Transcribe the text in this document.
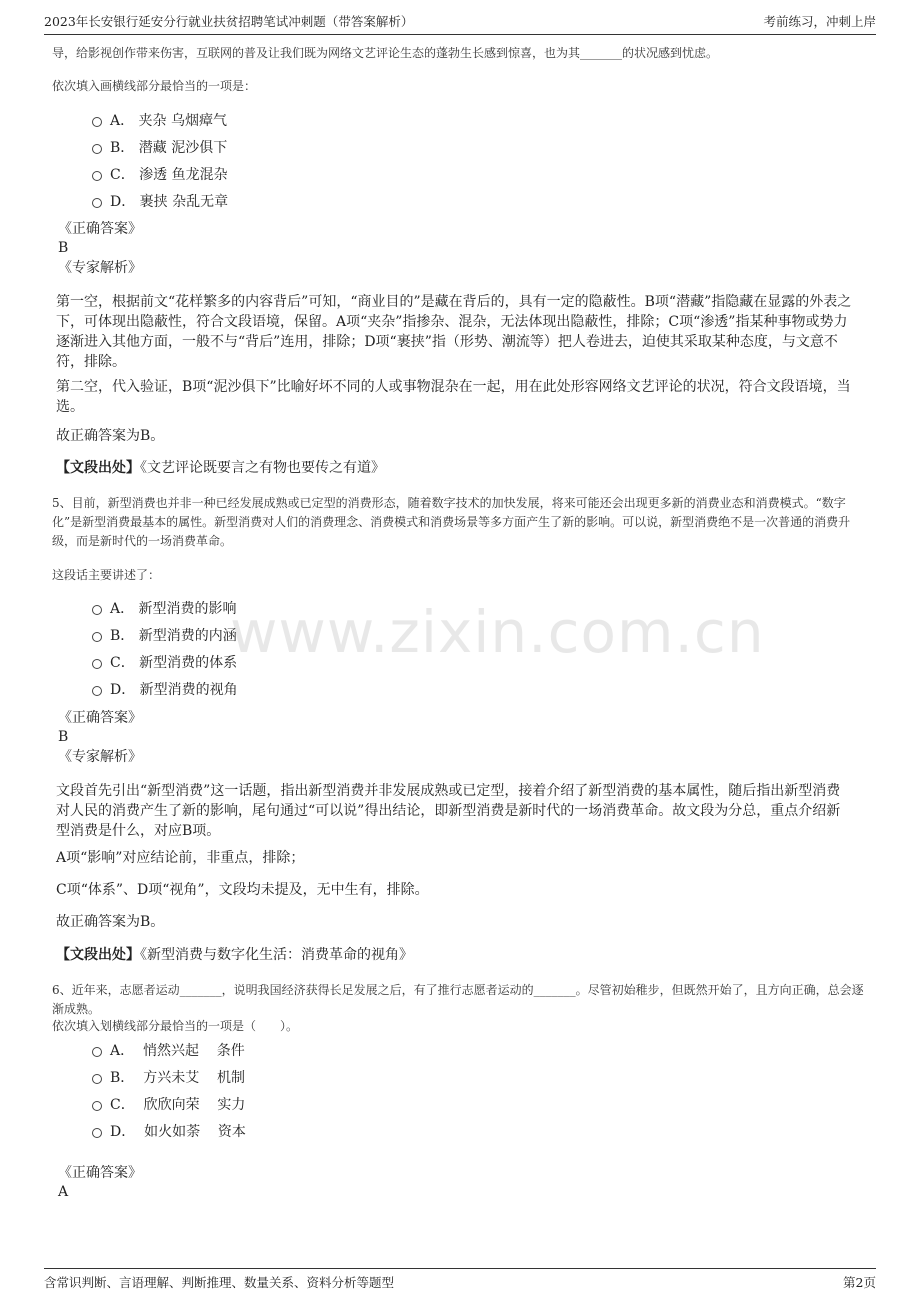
2023年长安银行延安分行就业扶贫招聘笔试冲刺题（带答案解析）	考前练习，冲刺上岸
www.zixin.com.cn
导，给影视创作带来伤害，互联网的普及让我们既为网络文艺评论生态的蓬勃生长感到惊喜，也为其_______的状况感到忧虑。
依次填入画横线部分最恰当的一项是：
A． 夹杂 乌烟瘴气
B． 潜藏 泥沙俱下
C． 渗透 鱼龙混杂
D． 裹挟 杂乱无章
《正确答案》
B
《专家解析》
第一空，根据前文“花样繁多的内容背后”可知，“商业目的”是藏在背后的，具有一定的隐蔽性。B项“潜藏”指隐藏在显露的外表之下，可体现出隐蔽性，符合文段语境，保留。A项“夹杂”指掺杂、混杂，无法体现出隐蔽性，排除；C项“渗透”指某种事物或势力逐渐进入其他方面，一般不与“背后”连用，排除；D项“裹挟”指（形势、潮流等）把人卷进去，迫使其采取某种态度，与文意不符，排除。
第二空，代入验证，B项“泥沙俱下”比喻好坏不同的人或事物混杂在一起，用在此处形容网络文艺评论的状况，符合文段语境，当选。
故正确答案为B。
【文段出处】《文艺评论既要言之有物也要传之有道》
5、目前，新型消费也并非一种已经发展成熟或已定型的消费形态，随着数字技术的加快发展，将来可能还会出现更多新的消费业态和消费模式。“数字化”是新型消费最基本的属性。新型消费对人们的消费理念、消费模式和消费场景等多方面产生了新的影响。可以说，新型消费绝不是一次普通的消费升级，而是新时代的一场消费革命。
这段话主要讲述了：
A． 新型消费的影响
B． 新型消费的内涵
C． 新型消费的体系
D． 新型消费的视角
《正确答案》
B
《专家解析》
文段首先引出“新型消费”这一话题，指出新型消费并非发展成熟或已定型，接着介绍了新型消费的基本属性，随后指出新型消费对人民的消费产生了新的影响，尾句通过“可以说”得出结论，即新型消费是新时代的一场消费革命。故文段为分总，重点介绍新型消费是什么，对应B项。
A项“影响”对应结论前，非重点，排除；
C项“体系”、D项“视角”，文段均未提及，无中生有，排除。
故正确答案为B。
【文段出处】《新型消费与数字化生活：消费革命的视角》
6、近年来，志愿者运动_______，说明我国经济获得长足发展之后，有了推行志愿者运动的_______。尽管初始稚步，但既然开始了，且方向正确，总会逐渐成熟。
依次填入划横线部分最恰当的一项是（　　）。
A．  悄然兴起    条件
B．  方兴未艾    机制
C．  欣欣向荣    实力
D．  如火如荼    资本
《正确答案》
A
含常识判断、言语理解、判断推理、数量关系、资料分析等题型	第2页
